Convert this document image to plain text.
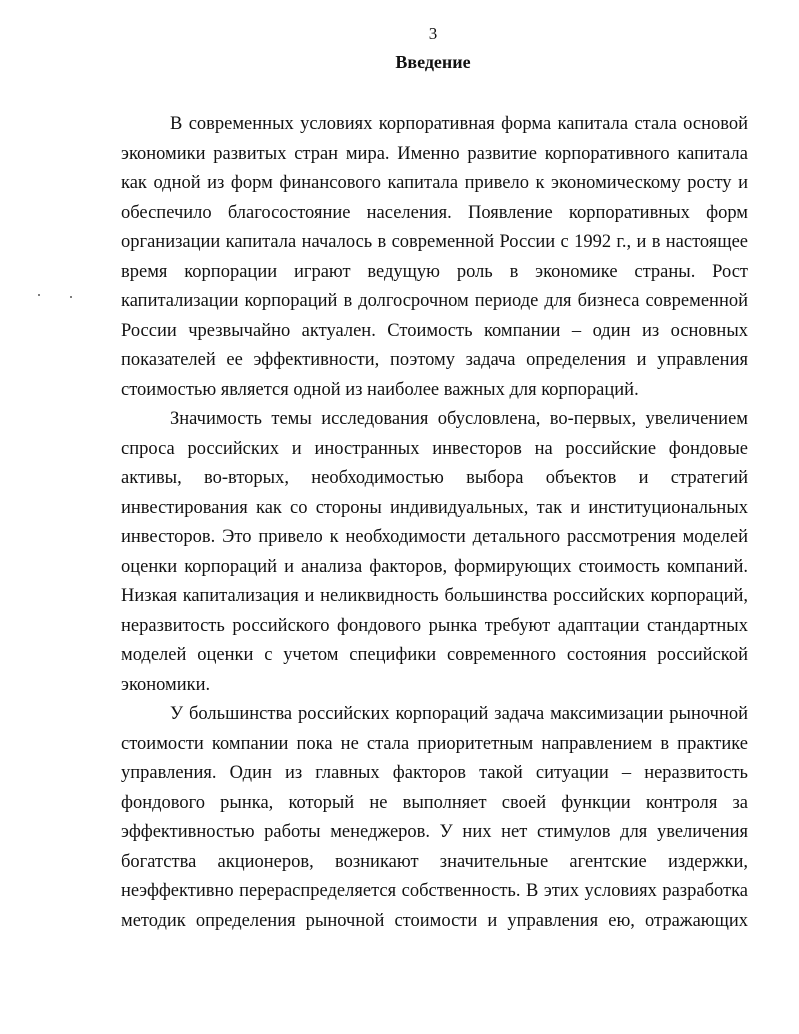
3
Введение
В современных условиях корпоративная форма капитала стала основой
экономики развитых стран мира. Именно развитие корпоративного капитала
как одной из форм финансового капитала привело к экономическому росту и
обеспечило благосостояние населения. Появление корпоративных форм
организации капитала началось в современной России с 1992 г., и в настоящее
время корпорации играют ведущую роль в экономике страны. Рост
капитализации корпораций в долгосрочном периоде для бизнеса современной
России чрезвычайно актуален. Стоимость компании – один из основных
показателей ее эффективности, поэтому задача определения и управления
стоимостью является одной из наиболее важных для корпораций.
Значимость темы исследования обусловлена, во-первых, увеличением
спроса российских и иностранных инвесторов на российские фондовые
активы, во-вторых, необходимостью выбора объектов и стратегий
инвестирования как со стороны индивидуальных, так и институциональных
инвесторов. Это привело к необходимости детального рассмотрения моделей
оценки корпораций и анализа факторов, формирующих стоимость компаний.
Низкая капитализация и неликвидность большинства российских корпораций,
неразвитость российского фондового рынка требуют адаптации стандартных
моделей оценки с учетом специфики современного состояния российской
экономики.
У большинства российских корпораций задача максимизации рыночной
стоимости компании пока не стала приоритетным направлением в практике
управления. Один из главных факторов такой ситуации – неразвитость
фондового рынка, который не выполняет своей функции контроля за
эффективностью работы менеджеров. У них нет стимулов для увеличения
богатства акционеров, возникают значительные агентские издержки,
неэффективно перераспределяется собственность. В этих условиях разработка
методик определения рыночной стоимости и управления ею, отражающих
